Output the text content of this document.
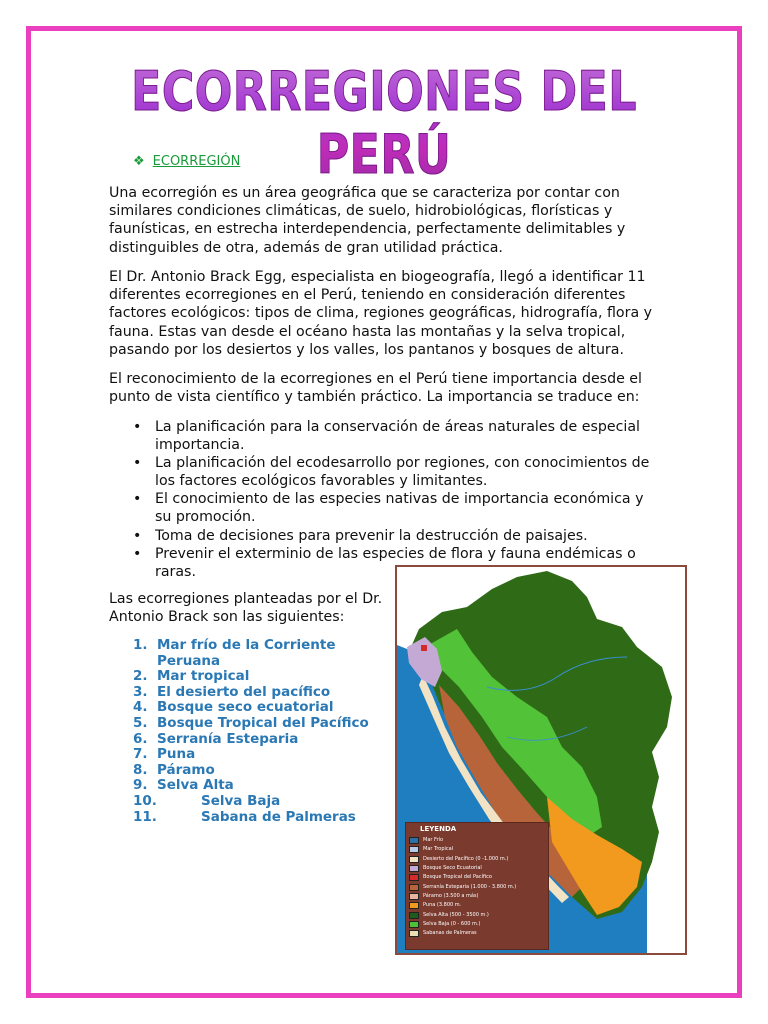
ECORREGIONES DEL PERÚ
❖ ECORREGIÓN

Una ecorregión es un área geográfica que se caracteriza por contar con similares condiciones climáticas, de suelo, hidrobiológicas, florísticas y faunísticas, en estrecha interdependencia, perfectamente delimitables y distinguibles de otra, además de gran utilidad práctica.

El Dr. Antonio Brack Egg, especialista en biogeografía, llegó a identificar 11 diferentes ecorregiones en el Perú, teniendo en consideración diferentes factores ecológicos: tipos de clima, regiones geográficas, hidrografía, flora y fauna. Estas van desde el océano hasta las montañas y la selva tropical, pasando por los desiertos y los valles, los pantanos y bosques de altura.

El reconocimiento de la ecorregiones en el Perú tiene importancia desde el punto de vista científico y también práctico. La importancia se traduce en:

• La planificación para la conservación de áreas naturales de especial importancia.
• La planificación del ecodesarrollo por regiones, con conocimientos de los factores ecológicos favorables y limitantes.
• El conocimiento de las especies nativas de importancia económica y su promoción.
• Toma de decisiones para prevenir la destrucción de paisajes.
• Prevenir el exterminio de las especies de flora y fauna endémicas o raras.

Las ecorregiones planteadas por el Dr. Antonio Brack son las siguientes:

1. Mar frío de la Corriente Peruana
2. Mar tropical
3. El desierto del pacífico
4. Bosque seco ecuatorial
5. Bosque Tropical del Pacífico
6. Serranía Esteparia
7. Puna
8. Páramo
9. Selva Alta
10.	Selva Baja
11.	Sabana de Palmeras
LEYENDA
Mar Frío
Mar Tropical
Desierto del Pacífico (0 -1.000 m.)
Bosque Seco Ecuatorial
Bosque Tropical del Pacífico
Serranía Esteparia (1.000 - 3.800 m.)
Páramo (3.500 a más)
Puna (3.800 m.
Selva Alta (500 - 3500 m.)
Selva Baja (0 - 600 m.)
Sabanas de Palmeras
